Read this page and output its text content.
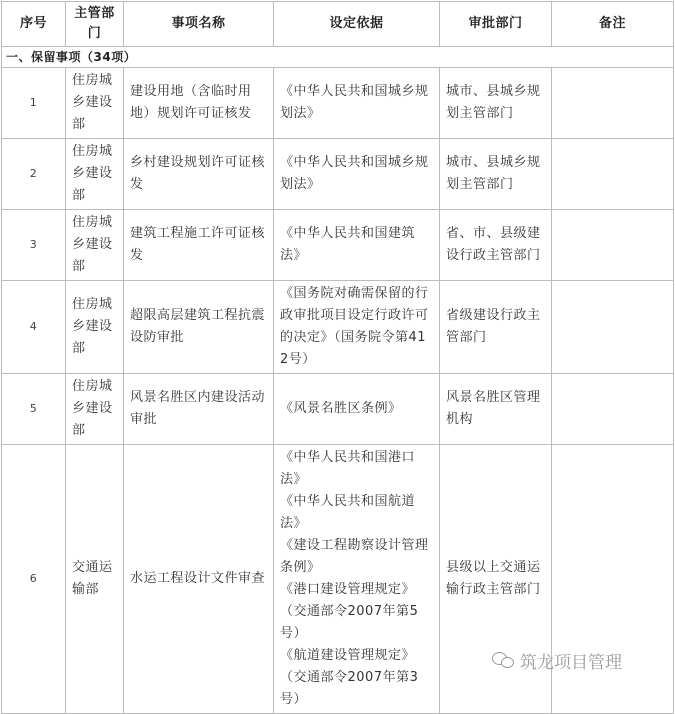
序号	主管部门	事项名称	设定依据	审批部门	备注
一、保留事项（34项）					
1	住房城乡建设部	建设用地（含临时用地）规划许可证核发	《中华人民共和国城乡规划法》	城市、县城乡规划主管部门	
2	住房城乡建设部	乡村建设规划许可证核发	《中华人民共和国城乡规划法》	城市、县城乡规划主管部门	
3	住房城乡建设部	建筑工程施工许可证核发	《中华人民共和国建筑法》	省、市、县级建设行政主管部门	
4	住房城乡建设部	超限高层建筑工程抗震设防审批	《国务院对确需保留的行政审批项目设定行政许可的决定》（国务院令第412号）	省级建设行政主管部门	
5	住房城乡建设部	风景名胜区内建设活动审批	《风景名胜区条例》	风景名胜区管理机构	
6	交通运输部	水运工程设计文件审查	《中华人民共和国港口法》
《中华人民共和国航道法》
《建设工程勘察设计管理条例》
《港口建设管理规定》（交通部令2007年第5号）
《航道建设管理规定》（交通部令2007年第3号）	县级以上交通运输行政主管部门	
筑龙项目管理
